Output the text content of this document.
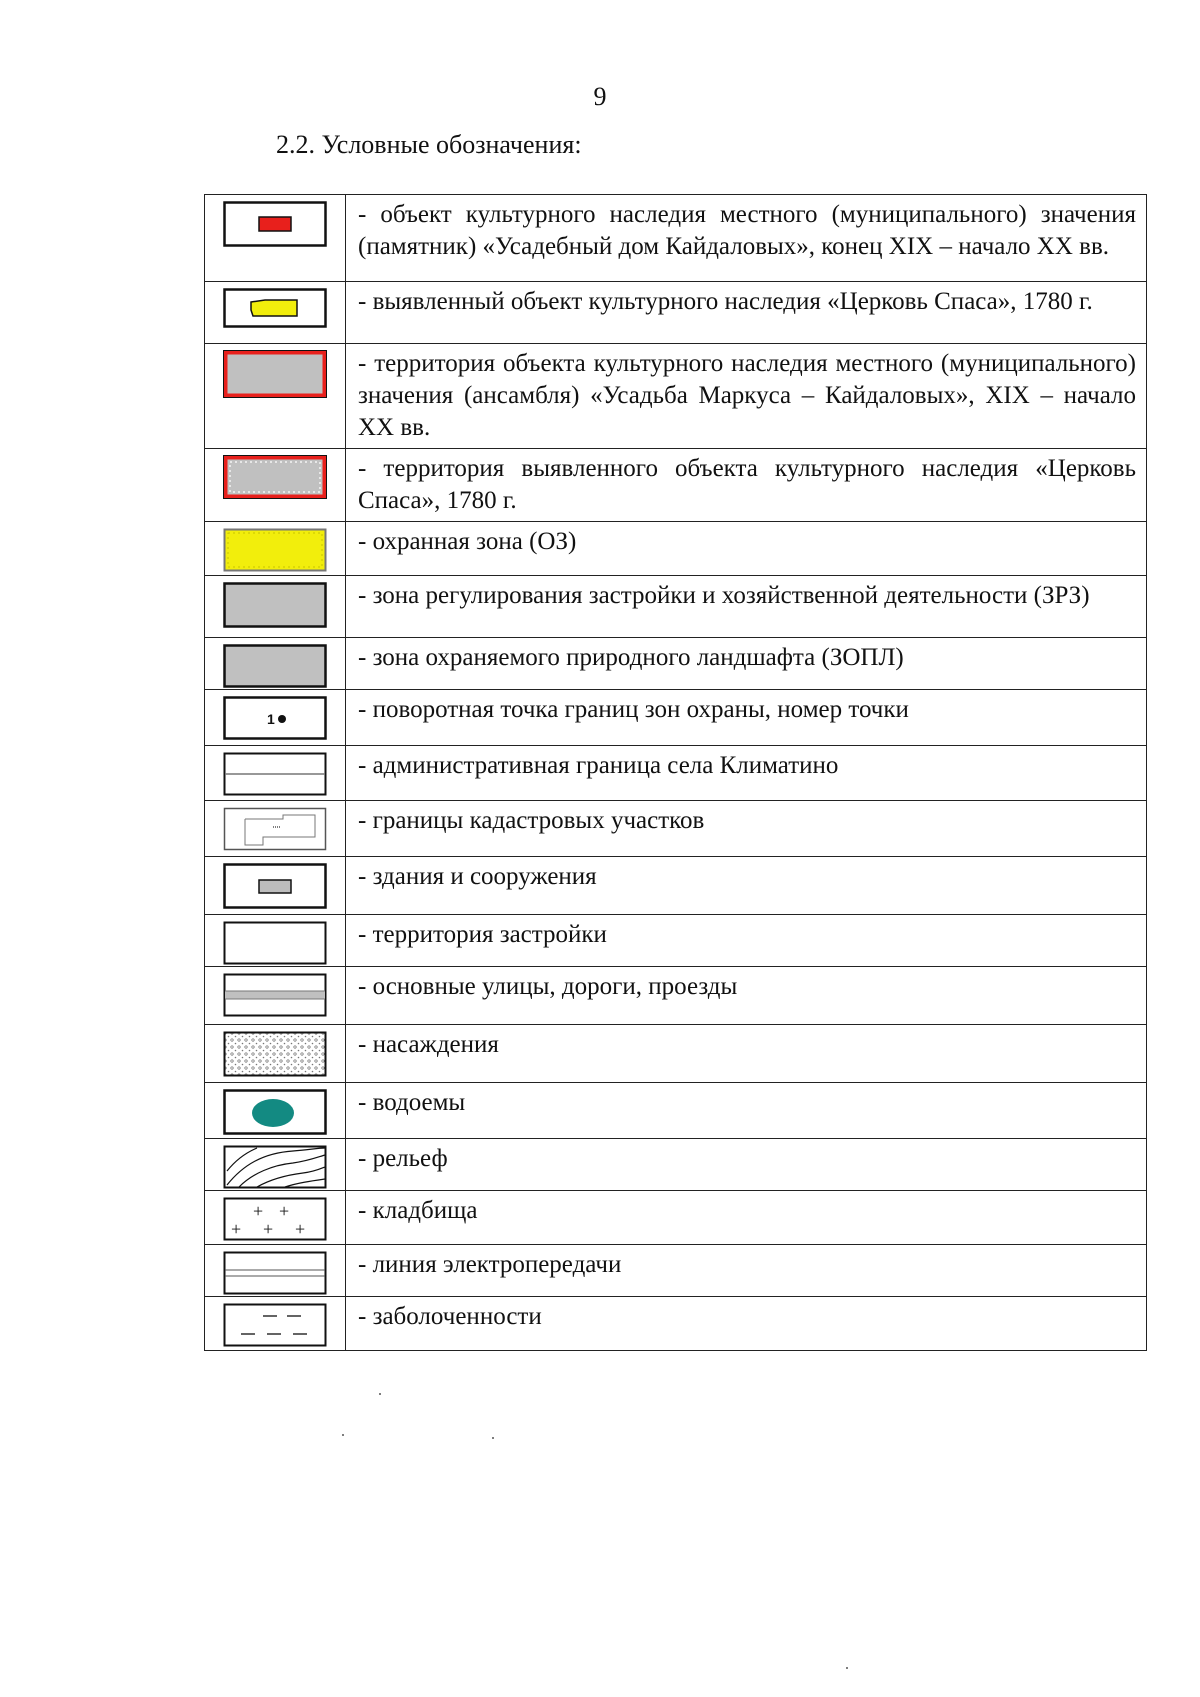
9
2.2. Условные обозначения:
	- объект культурного наследия местного (муниципального) значения (памятник) «Усадебный дом Кайдаловых», конец XIX – начало XX вв.

	- выявленный объект культурного наследия «Церковь Спаса», 1780 г.

	- территория объекта культурного наследия местного (муниципального) значения (ансамбля) «Усадьба Маркуса – Кайдаловых», XIX – начало XX вв.

	- территория выявленного объекта культурного наследия «Церковь Спаса», 1780 г.

	- охранная зона (ОЗ)

	- зона регулирования застройки и хозяйственной деятельности (ЗРЗ)

	- зона охраняемого природного ландшафта (ЗОПЛ)

1	- поворотная точка границ зон охраны, номер точки

	- административная граница села Климатино

	- границы кадастровых участков

	- здания и сооружения

	- территория застройки

	- основные улицы, дороги, проезды

	- насаждения

	- водоемы

	- рельеф

+ +
+ + +	- кладбища

	- линия электропередачи

	- заболоченности
